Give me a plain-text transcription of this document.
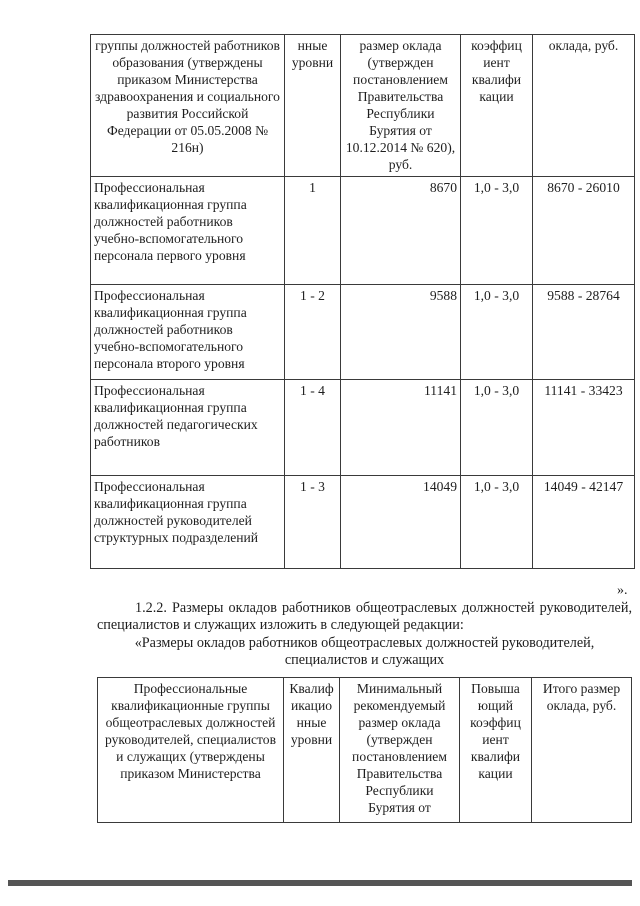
группы должностей работников образования (утверждены приказом Министерства здравоохранения и социального развития Российской Федерации от 05.05.2008 № 216н)	нные уровни	размер оклада (утвержден постановлением Правительства Республики Бурятия от 10.12.2014 № 620), руб.	коэффиц иент квалифи кации	оклада, руб.
Профессиональная квалификационная группа должностей работников учебно-вспомогательного персонала первого уровня	1	8670	1,0 - 3,0	8670 - 26010
Профессиональная квалификационная группа должностей работников учебно-вспомогательного персонала второго уровня	1 - 2	9588	1,0 - 3,0	9588 - 28764
Профессиональная квалификационная группа должностей педагогических работников	1 - 4	11141	1,0 - 3,0	11141 - 33423
Профессиональная квалификационная группа должностей руководителей структурных подразделений	1 - 3	14049	1,0 - 3,0	14049 - 42147
».
1.2.2. Размеры окладов работников общеотраслевых должностей руководителей, специалистов и служащих изложить в следующей редакции:
«Размеры окладов работников общеотраслевых должностей руководителей, специалистов и служащих
Профессиональные квалификационные группы общеотраслевых должностей руководителей, специалистов и служащих (утверждены приказом Министерства	Квалиф икацио нные уровни	Минимальный рекомендуемый размер оклада (утвержден постановлением Правительства Республики Бурятия от	Повыша ющий коэффиц иент квалифи кации	Итого размер оклада, руб.
